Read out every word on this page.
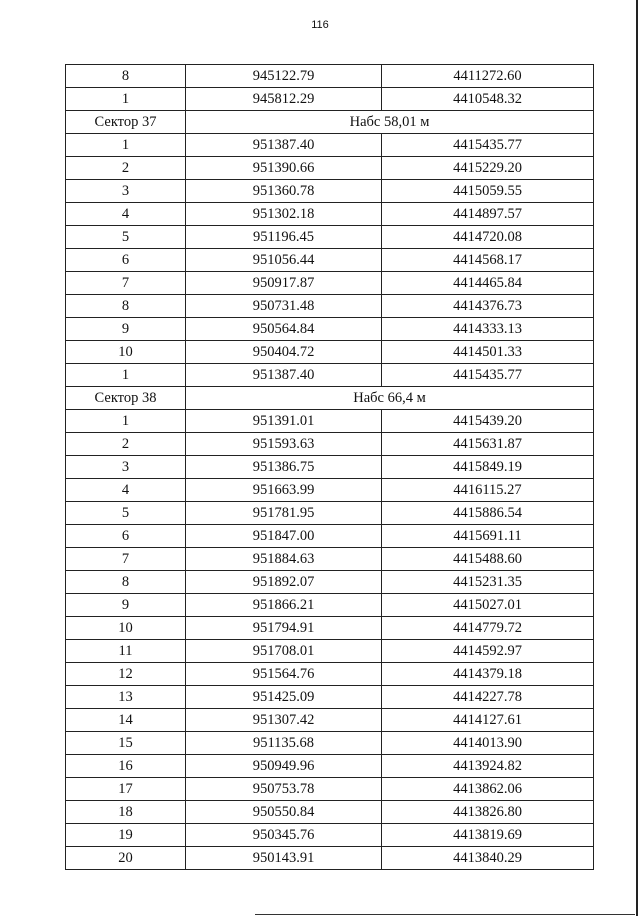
116
8	945122.79	4411272.60
1	945812.29	4410548.32
Сектор 37	Набс 58,01 м	
1	951387.40	4415435.77
2	951390.66	4415229.20
3	951360.78	4415059.55
4	951302.18	4414897.57
5	951196.45	4414720.08
6	951056.44	4414568.17
7	950917.87	4414465.84
8	950731.48	4414376.73
9	950564.84	4414333.13
10	950404.72	4414501.33
1	951387.40	4415435.77
Сектор 38	Набс 66,4 м	
1	951391.01	4415439.20
2	951593.63	4415631.87
3	951386.75	4415849.19
4	951663.99	4416115.27
5	951781.95	4415886.54
6	951847.00	4415691.11
7	951884.63	4415488.60
8	951892.07	4415231.35
9	951866.21	4415027.01
10	951794.91	4414779.72
11	951708.01	4414592.97
12	951564.76	4414379.18
13	951425.09	4414227.78
14	951307.42	4414127.61
15	951135.68	4414013.90
16	950949.96	4413924.82
17	950753.78	4413862.06
18	950550.84	4413826.80
19	950345.76	4413819.69
20	950143.91	4413840.29
